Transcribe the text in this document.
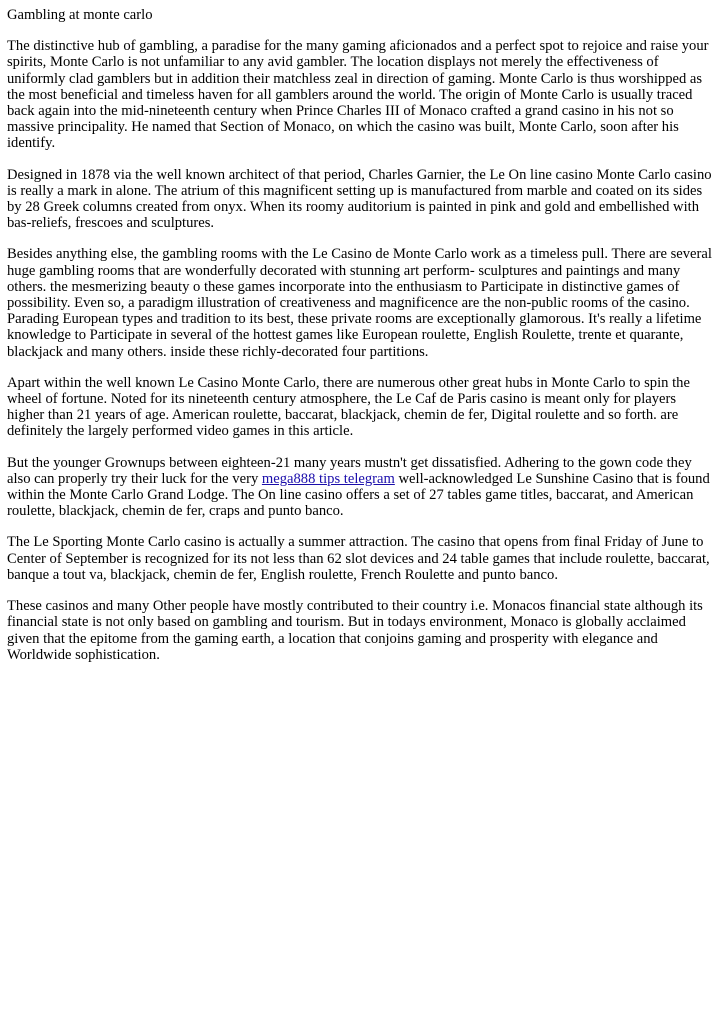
Gambling at monte carlo

The distinctive hub of gambling, a paradise for the many gaming aficionados and a perfect spot to rejoice and raise your spirits, Monte Carlo is not unfamiliar to any avid gambler. The location displays not merely the effectiveness of uniformly clad gamblers but in addition their matchless zeal in direction of gaming. Monte Carlo is thus worshipped as the most beneficial and timeless haven for all gamblers around the world. The origin of Monte Carlo is usually traced back again into the mid-nineteenth century when Prince Charles III of Monaco crafted a grand casino in his not so massive principality. He named that Section of Monaco, on which the casino was built, Monte Carlo, soon after his identify.

Designed in 1878 via the well known architect of that period, Charles Garnier, the Le On line casino Monte Carlo casino is really a mark in alone. The atrium of this magnificent setting up is manufactured from marble and coated on its sides by 28 Greek columns created from onyx. When its roomy auditorium is painted in pink and gold and embellished with bas-reliefs, frescoes and sculptures.

Besides anything else, the gambling rooms with the Le Casino de Monte Carlo work as a timeless pull. There are several huge gambling rooms that are wonderfully decorated with stunning art perform- sculptures and paintings and many others. the mesmerizing beauty o these games incorporate into the enthusiasm to Participate in distinctive games of possibility. Even so, a paradigm illustration of creativeness and magnificence are the non-public rooms of the casino. Parading European types and tradition to its best, these private rooms are exceptionally glamorous. It's really a lifetime knowledge to Participate in several of the hottest games like European roulette, English Roulette, trente et quarante, blackjack and many others. inside these richly-decorated four partitions.

Apart within the well known Le Casino Monte Carlo, there are numerous other great hubs in Monte Carlo to spin the wheel of fortune. Noted for its nineteenth century atmosphere, the Le Caf de Paris casino is meant only for players higher than 21 years of age. American roulette, baccarat, blackjack, chemin de fer, Digital roulette and so forth. are definitely the largely performed video games in this article.

But the younger Grownups between eighteen-21 many years mustn't get dissatisfied. Adhering to the gown code they also can properly try their luck for the very mega888 tips telegram well-acknowledged Le Sunshine Casino that is found within the Monte Carlo Grand Lodge. The On line casino offers a set of 27 tables game titles, baccarat, and American roulette, blackjack, chemin de fer, craps and punto banco.

The Le Sporting Monte Carlo casino is actually a summer attraction. The casino that opens from final Friday of June to Center of September is recognized for its not less than 62 slot devices and 24 table games that include roulette, baccarat, banque a tout va, blackjack, chemin de fer, English roulette, French Roulette and punto banco.

These casinos and many Other people have mostly contributed to their country i.e. Monacos financial state although its financial state is not only based on gambling and tourism. But in todays environment, Monaco is globally acclaimed given that the epitome from the gaming earth, a location that conjoins gaming and prosperity with elegance and Worldwide sophistication.
